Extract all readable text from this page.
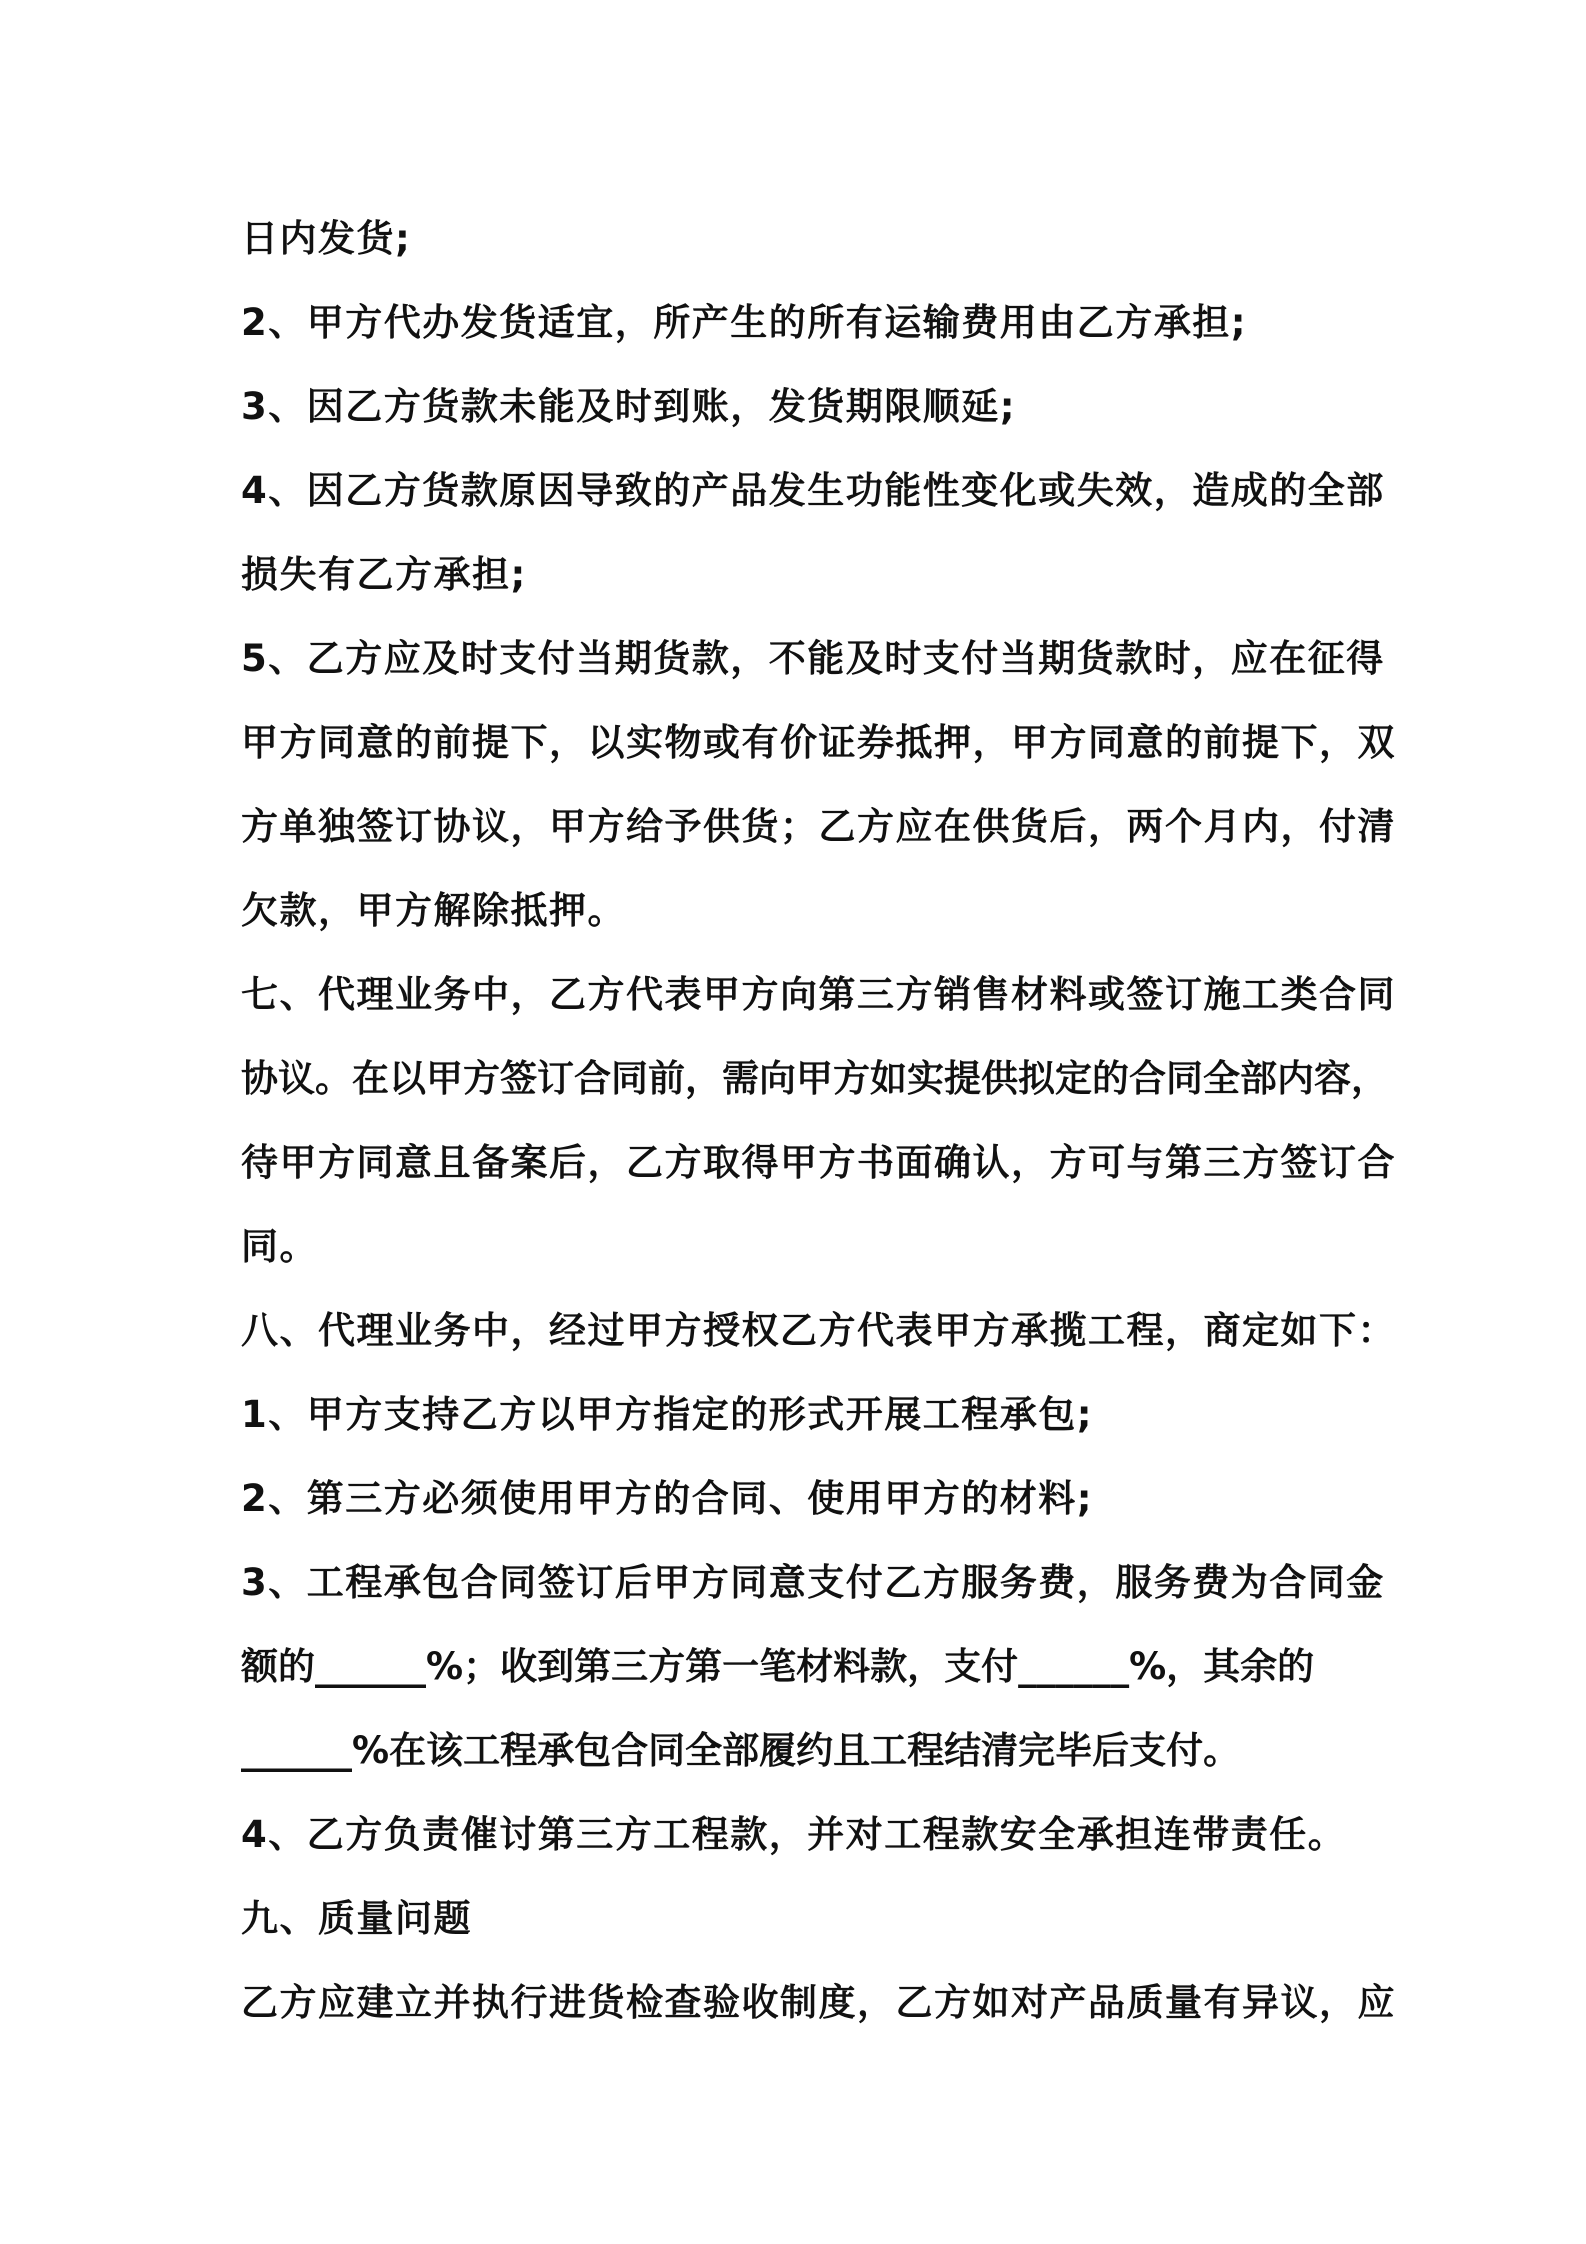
日内发货;
2、甲方代办发货适宜，所产生的所有运输费用由乙方承担;
3、因乙方货款未能及时到账，发货期限顺延;
4、因乙方货款原因导致的产品发生功能性变化或失效，造成的全部
损失有乙方承担;
5、乙方应及时支付当期货款，不能及时支付当期货款时，应在征得
甲方同意的前提下，以实物或有价证券抵押，甲方同意的前提下，双
方单独签订协议，甲方给予供货；乙方应在供货后，两个月内，付清
欠款，甲方解除抵押。
七、代理业务中，乙方代表甲方向第三方销售材料或签订施工类合同
协议。在以甲方签订合同前，需向甲方如实提供拟定的合同全部内容，
待甲方同意且备案后，乙方取得甲方书面确认，方可与第三方签订合
同。
八、代理业务中，经过甲方授权乙方代表甲方承揽工程，商定如下：
1、甲方支持乙方以甲方指定的形式开展工程承包;
2、第三方必须使用甲方的合同、使用甲方的材料;
3、工程承包合同签订后甲方同意支付乙方服务费，服务费为合同金
额的______%；收到第三方第一笔材料款，支付______%，其余的
______%在该工程承包合同全部履约且工程结清完毕后支付。
4、乙方负责催讨第三方工程款，并对工程款安全承担连带责任。
九、质量问题
乙方应建立并执行进货检查验收制度，乙方如对产品质量有异议，应
